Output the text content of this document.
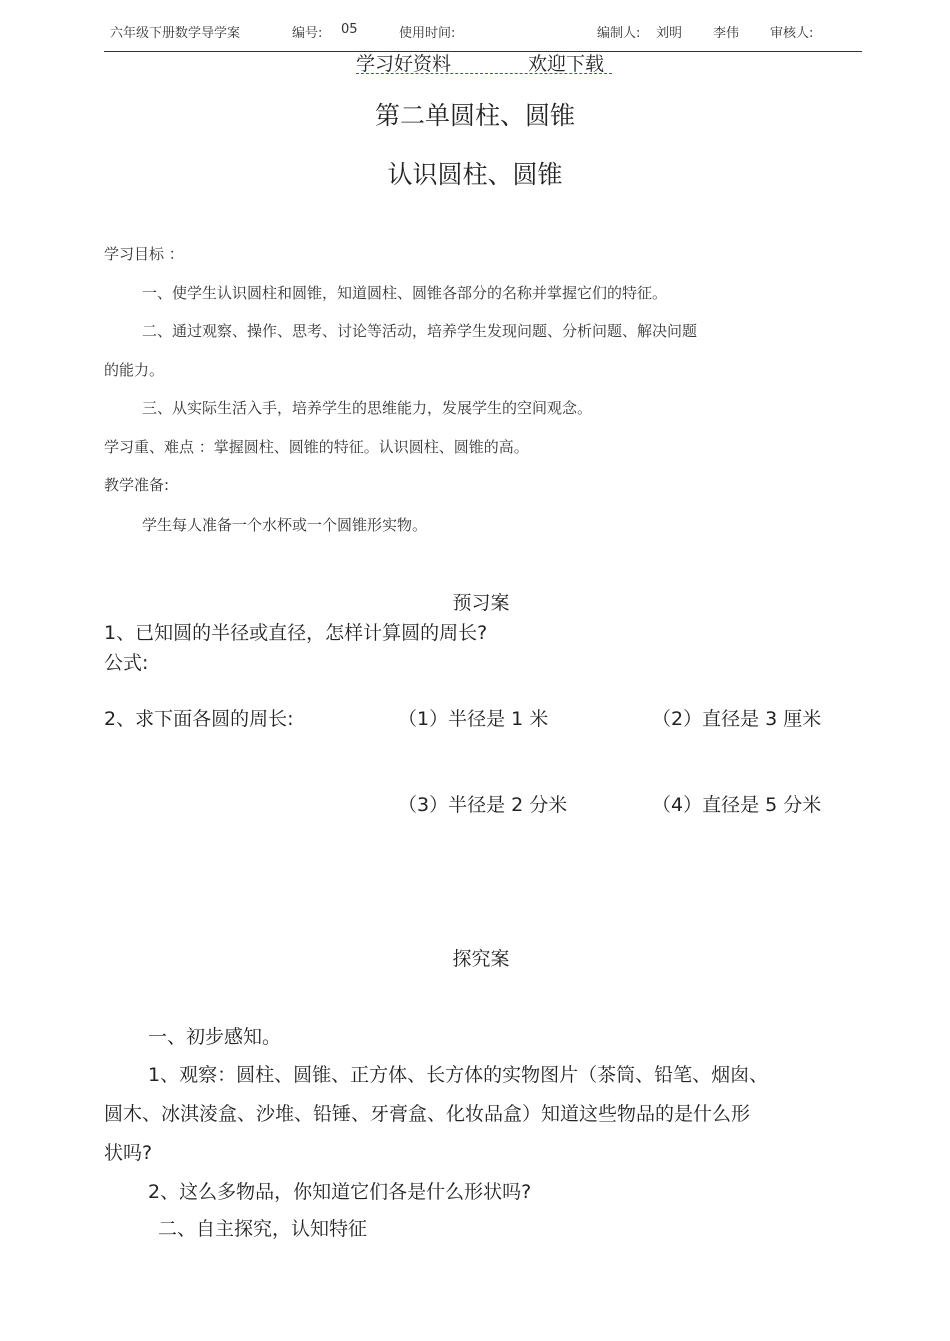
六年级下册数学导学案	编号: 05	使用时间:	编制人: 刘明 李伟 审核人:
学习好资料	欢迎下载
第二单圆柱、圆锥
认识圆柱、圆锥
学习目标 ：
一、使学生认识圆柱和圆锥，知道圆柱、圆锥各部分的名称并掌握它们的特征。
二、通过观察、操作、思考、讨论等活动，培养学生发现问题、分析问题、解决问题
的能力。
三、从实际生活入手，培养学生的思维能力，发展学生的空间观念。
学习重、难点 ：掌握圆柱、圆锥的特征。认识圆柱、圆锥的高。
教学准备:
学生每人准备一个水杯或一个圆锥形实物。
预习案
1、已知圆的半径或直径，怎样计算圆的周长?
公式:
2、求下面各圆的周长:	（1）半径是 1 米	（2）直径是 3 厘米
（3）半径是 2 分米	（4）直径是 5 分米
探究案
一、初步感知。
1、观察：圆柱、圆锥、正方体、长方体的实物图片（茶筒、铅笔、烟囱、
圆木、冰淇淩盒、沙堆、铅锤、牙膏盒、化妆品盒）知道这些物品的是什么形
状吗?
2、这么多物品，你知道它们各是什么形状吗?
二、自主探究，认知特征
